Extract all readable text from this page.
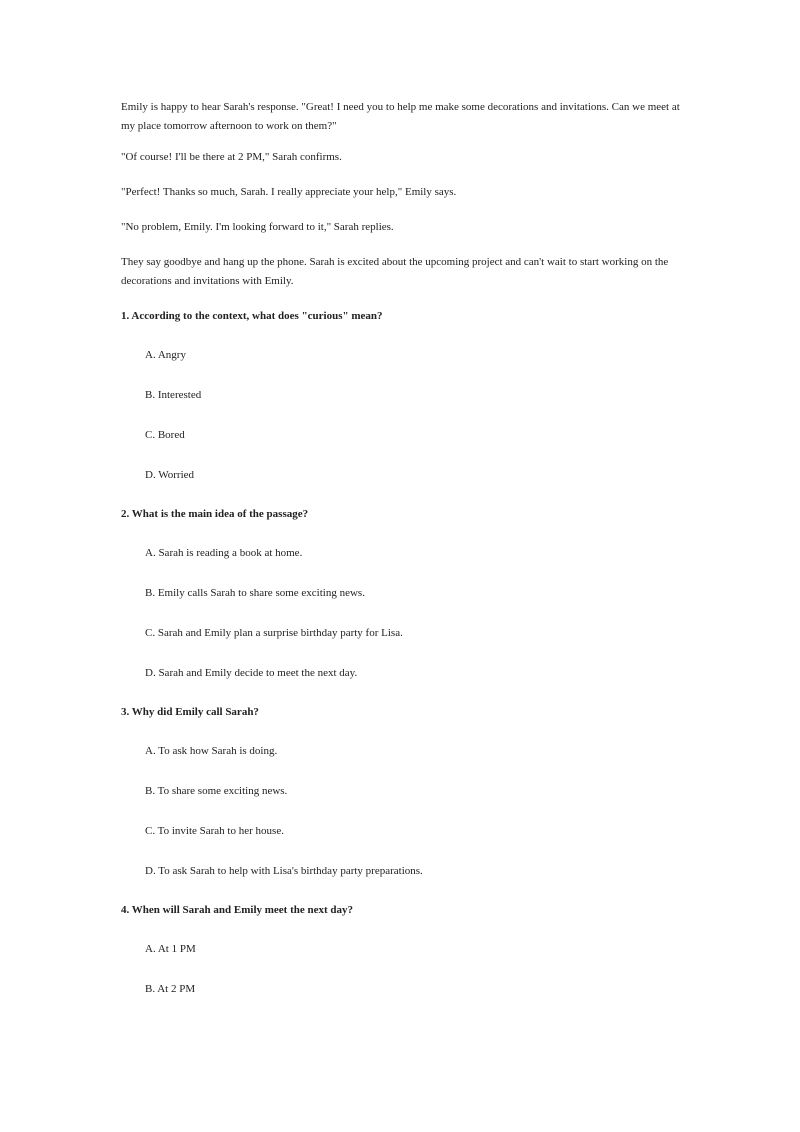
Emily is happy to hear Sarah's response. "Great! I need you to help me make some decorations and invitations. Can we meet at my place tomorrow afternoon to work on them?"

"Of course! I'll be there at 2 PM," Sarah confirms.

"Perfect! Thanks so much, Sarah. I really appreciate your help," Emily says.

"No problem, Emily. I'm looking forward to it," Sarah replies.

They say goodbye and hang up the phone. Sarah is excited about the upcoming project and can't wait to start working on the decorations and invitations with Emily.

1. According to the context, what does "curious" mean?

A. Angry
B. Interested
C. Bored
D. Worried

2. What is the main idea of the passage?

A. Sarah is reading a book at home.
B. Emily calls Sarah to share some exciting news.
C. Sarah and Emily plan a surprise birthday party for Lisa.
D. Sarah and Emily decide to meet the next day.

3. Why did Emily call Sarah?

A. To ask how Sarah is doing.
B. To share some exciting news.
C. To invite Sarah to her house.
D. To ask Sarah to help with Lisa's birthday party preparations.

4. When will Sarah and Emily meet the next day?

A. At 1 PM
B. At 2 PM
